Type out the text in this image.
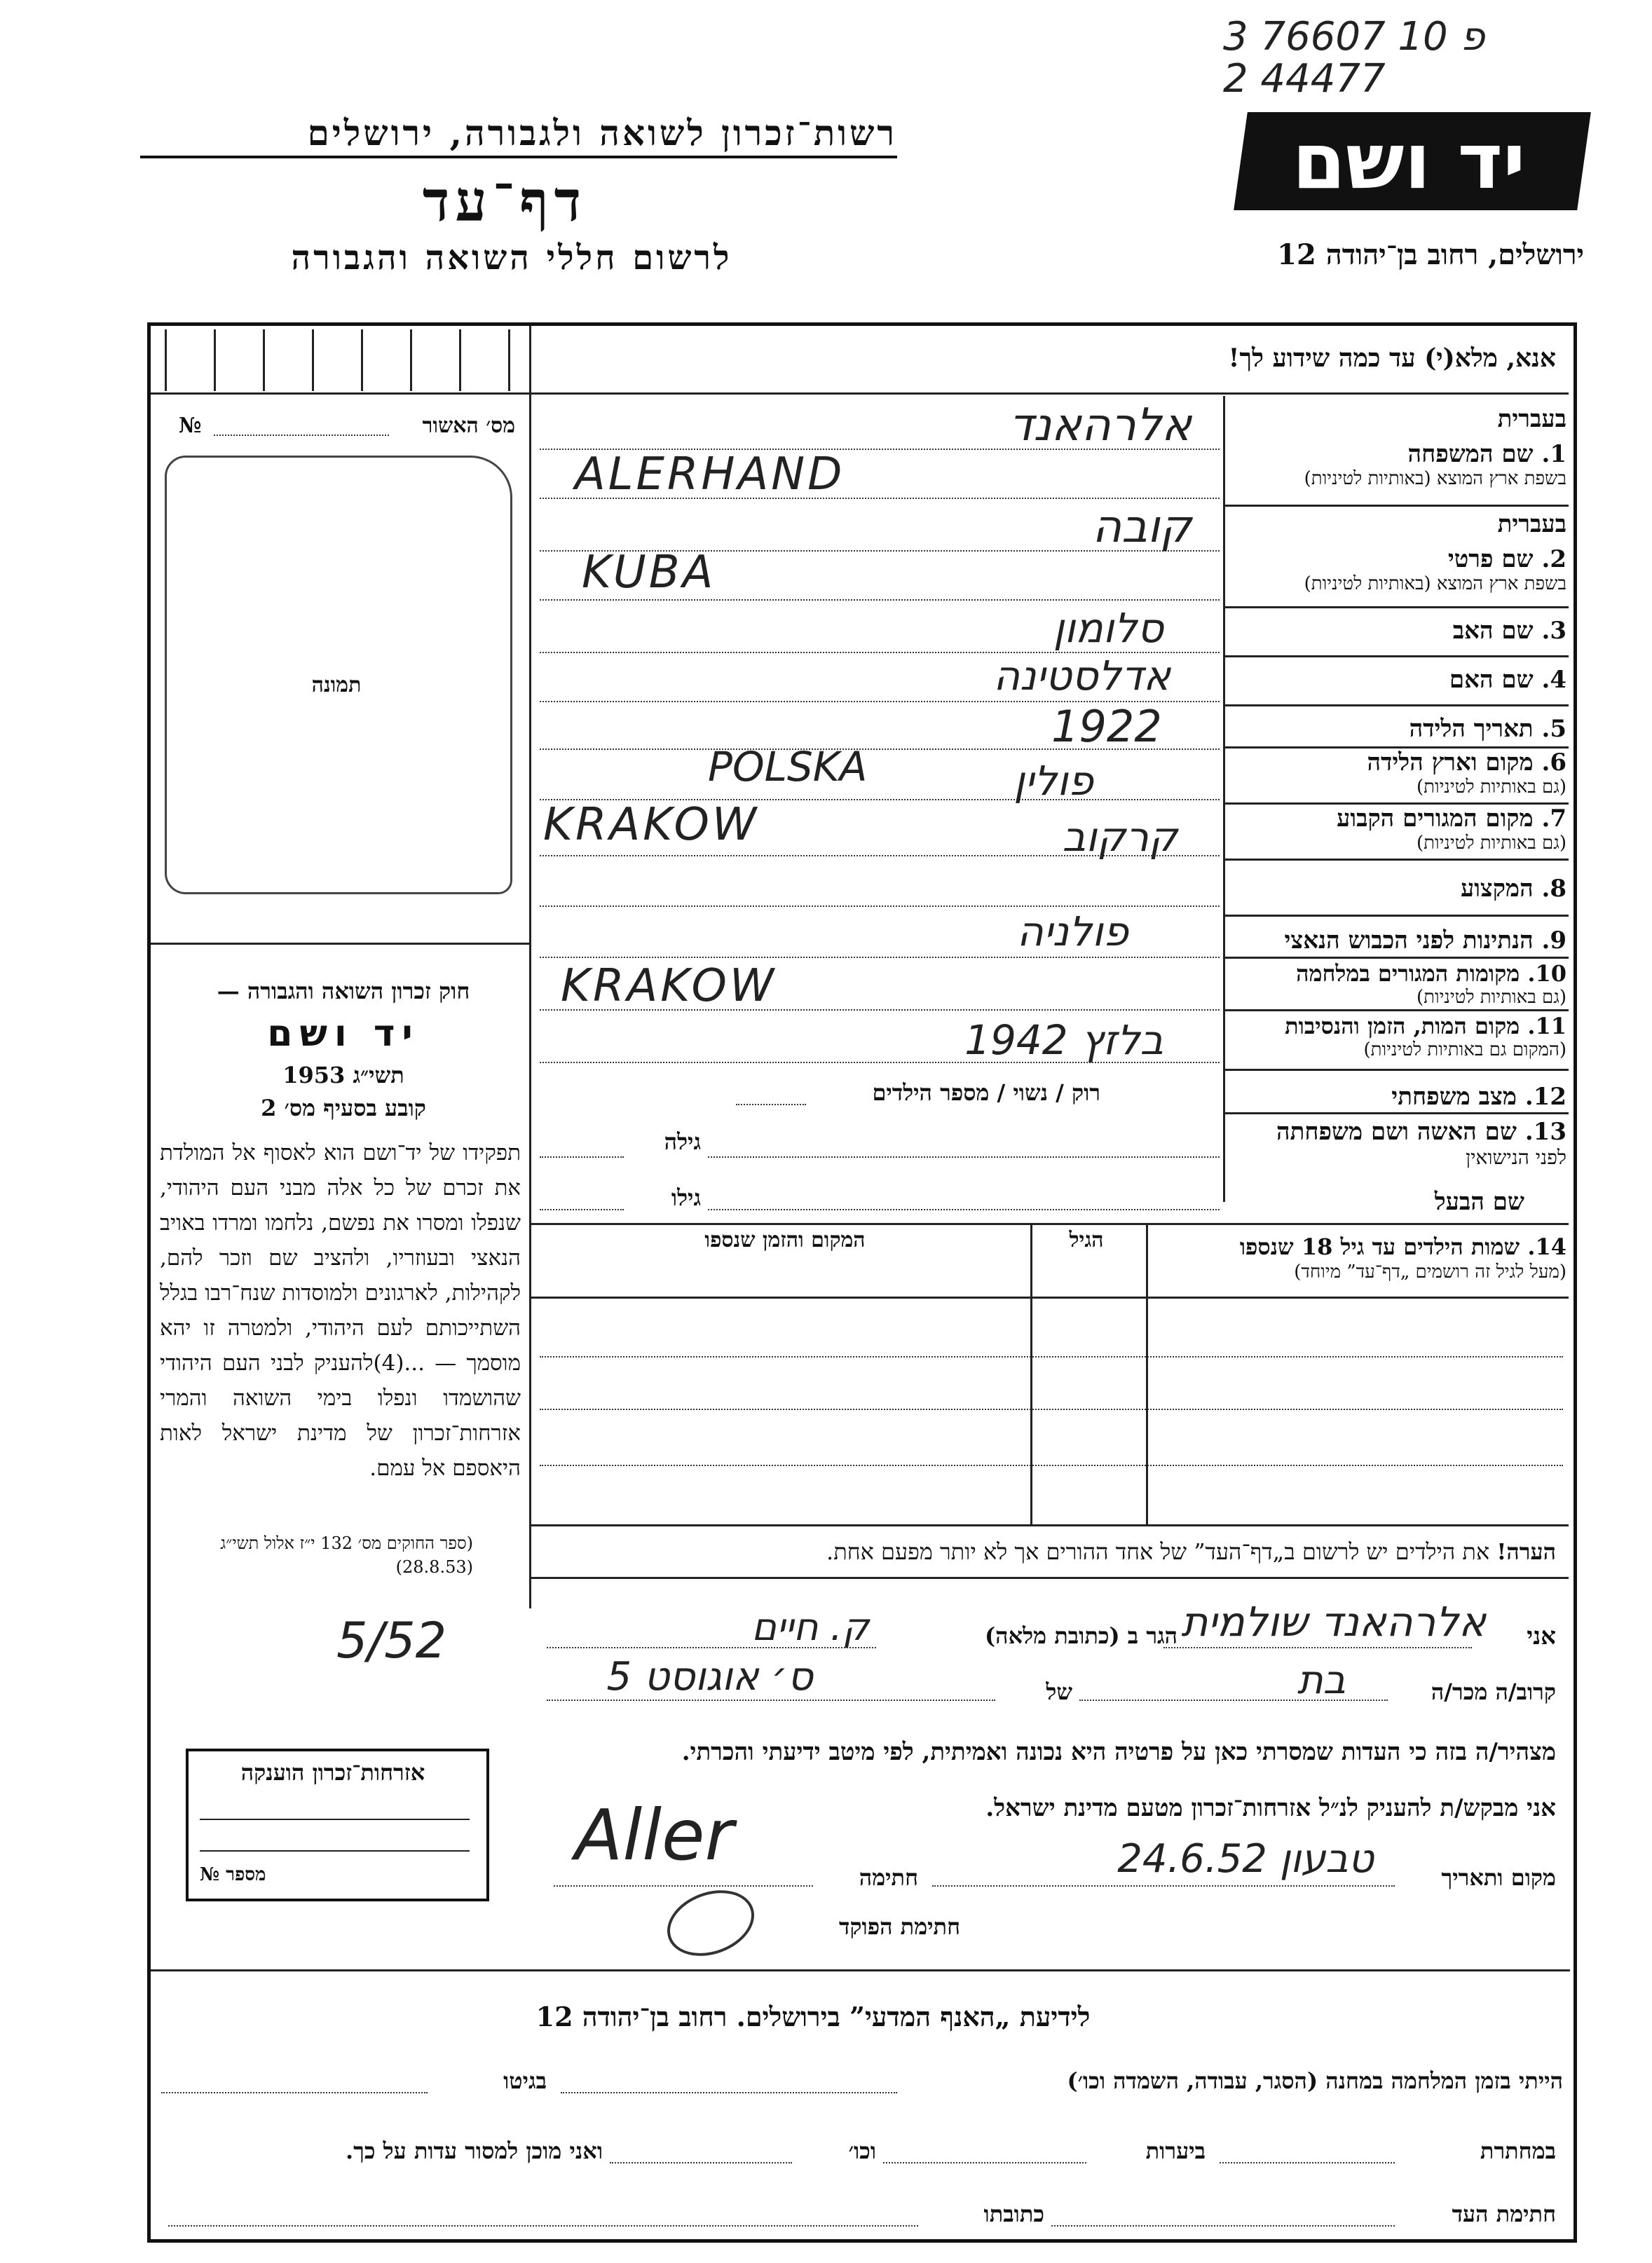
3 פ 10 76607
2 44477
יד ושם
ירושלים, רחוב בן־יהודה 12
רשות־זכרון לשואה ולגבורה, ירושלים
דף־עד
לרשום חללי השואה והגבורה
אנא, מלא(י) עד כמה שידוע לך!
בעברית
1. שם המשפחה
בשפת ארץ המוצא (באותיות לטיניות)
אלרהאנד
ALERHAND
בעברית
2. שם פרטי
בשפת ארץ המוצא (באותיות לטיניות)
קובה
KUBA
3. שם האב
סלומון
4. שם האם
אדלסטינה
5. תאריך הלידה
1922
6. מקום וארץ הלידה
(גם באותיות לטיניות)
פולין
POLSKA
7. מקום המגורים הקבוע
(גם באותיות לטיניות)
קרקוב
KRAKOW
8. המקצוע
9. הנתינות לפני הכבוש הנאצי
פולניה
10. מקומות המגורים במלחמה
(גם באותיות לטיניות)
KRAKOW
11. מקום המות, הזמן והנסיבות
(המקום גם באותיות לטיניות)
בלזץ 1942
12. מצב משפחתי
רוק / נשוי / מספר הילדים
13. שם האשה ושם משפחתה
לפני הנישואין
גילה
שם הבעל
גילו
14. שמות הילדים עד גיל 18 שנספו
(מעל לגיל זה רושמים „דף־עד” מיוחד)
הגיל
המקום והזמן שנספו
הערה! את הילדים יש לרשום ב„דף־העד” של אחד ההורים אך לא יותר מפעם אחת.
מס׳ האשור
№
תמונה
חוק זכרון השואה והגבורה —
יד ושם
תשי״ג 1953
קובע בסעיף מס׳ 2
תפקידו של יד־ושם הוא לאסוף אל המולדת את זכרם של כל אלה מבני העם היהודי, שנפלו ומסרו את נפשם, נלחמו ומרדו באויב הנאצי ובעוזריו, ולהציב שם וזכר להם, לקהילות, לארגונים ולמוסדות שנח־רבו בגלל השתייכותם לעם היהודי, ולמטרה זו יהא מוסמך — ...(4)להעניק לבני העם היהודי שהושמדו ונפלו בימי השואה והמרי אזרחות־זכרון של מדינת ישראל לאות היאספם אל עמם.
(ספר החוקים מס׳ 132 י״ז אלול תשי״ג (28.8.53)
אזרחות־זכרון הוענקה
מספר №
5/52	אני
אלרהאנד שולמית
הגר ב (כתובת מלאה)
ק. חיים
קרוב/ה מכר/ה
בת
של
ס׳ אוגוסט 5
מצהיר/ה בזה כי העדות שמסרתי כאן על פרטיה היא נכונה ואמיתית, לפי מיטב ידיעתי והכרתי.
אני מבקש/ת להעניק לנ״ל אזרחות־זכרון מטעם מדינת ישראל.
מקום ותאריך
טבעון 24.6.52
חתימה
Aller
חתימת הפוקד
לידיעת „האנף המדעי” בירושלים. רחוב בן־יהודה 12
הייתי בזמן המלחמה במחנה (הסגר, עבודה, השמדה וכו׳)
בגיטו
במחתרת
ביערות
וכו׳
ואני מוכן למסור עדות על כך.
חתימת העד
כתובתו
